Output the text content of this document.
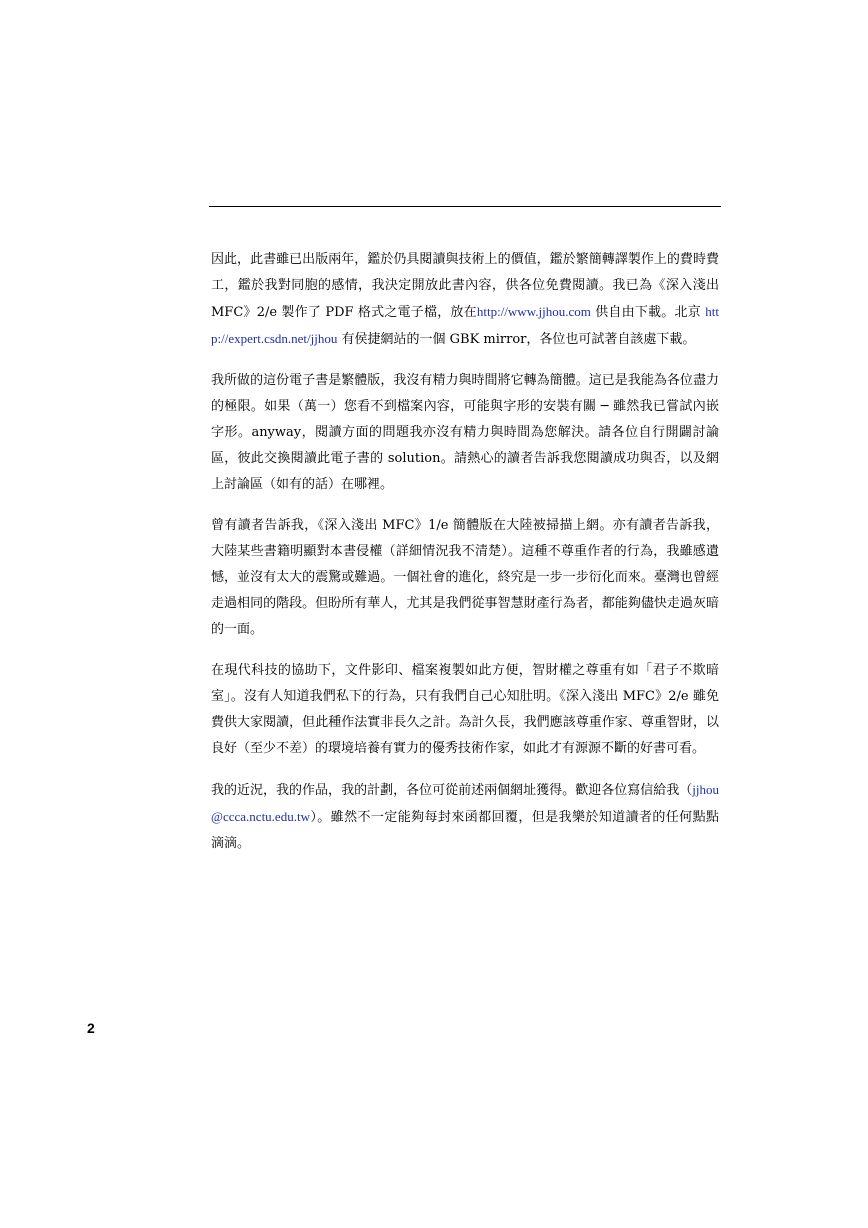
因此，此書雖已出版兩年，鑑於仍具閱讀與技術上的價值，鑑於繁簡轉譯製作上的費時費工，鑑於我對同胞的感情，我決定開放此書內容，供各位免費閱讀。我已為《深入淺出 MFC》2/e 製作了 PDF 格式之電子檔，放在http://www.jjhou.com 供自由下載。北京 http://expert.csdn.net/jjhou 有侯捷網站的一個 GBK mirror，各位也可試著自該處下載。

我所做的這份電子書是繁體版，我沒有精力與時間將它轉為簡體。這已是我能為各位盡力的極限。如果（萬一）您看不到檔案內容，可能與字形的安裝有關 ─ 雖然我已嘗試內嵌字形。anyway，閱讀方面的問題我亦沒有精力與時間為您解決。請各位自行開闢討論區，彼此交換閱讀此電子書的 solution。請熱心的讀者告訴我您閱讀成功與否，以及網上討論區（如有的話）在哪裡。

曾有讀者告訴我，《深入淺出 MFC》1/e 簡體版在大陸被掃描上網。亦有讀者告訴我，大陸某些書籍明顯對本書侵權（詳細情況我不清楚）。這種不尊重作者的行為，我雖感遺憾，並沒有太大的震驚或難過。一個社會的進化，終究是一步一步衍化而來。臺灣也曾經走過相同的階段。但盼所有華人，尤其是我們從事智慧財產行為者，都能夠儘快走過灰暗的一面。

在現代科技的協助下，文件影印、檔案複製如此方便，智財權之尊重有如「君子不欺暗室」。沒有人知道我們私下的行為，只有我們自己心知肚明。《深入淺出 MFC》2/e 雖免費供大家閱讀，但此種作法實非長久之計。為計久長，我們應該尊重作家、尊重智財，以良好（至少不差）的環境培養有實力的優秀技術作家，如此才有源源不斷的好書可看。

我的近況，我的作品，我的計劃，各位可從前述兩個網址獲得。歡迎各位寫信給我（jjhou@ccca.nctu.edu.tw）。雖然不一定能夠每封來函都回覆，但是我樂於知道讀者的任何點點滴滴。

2
